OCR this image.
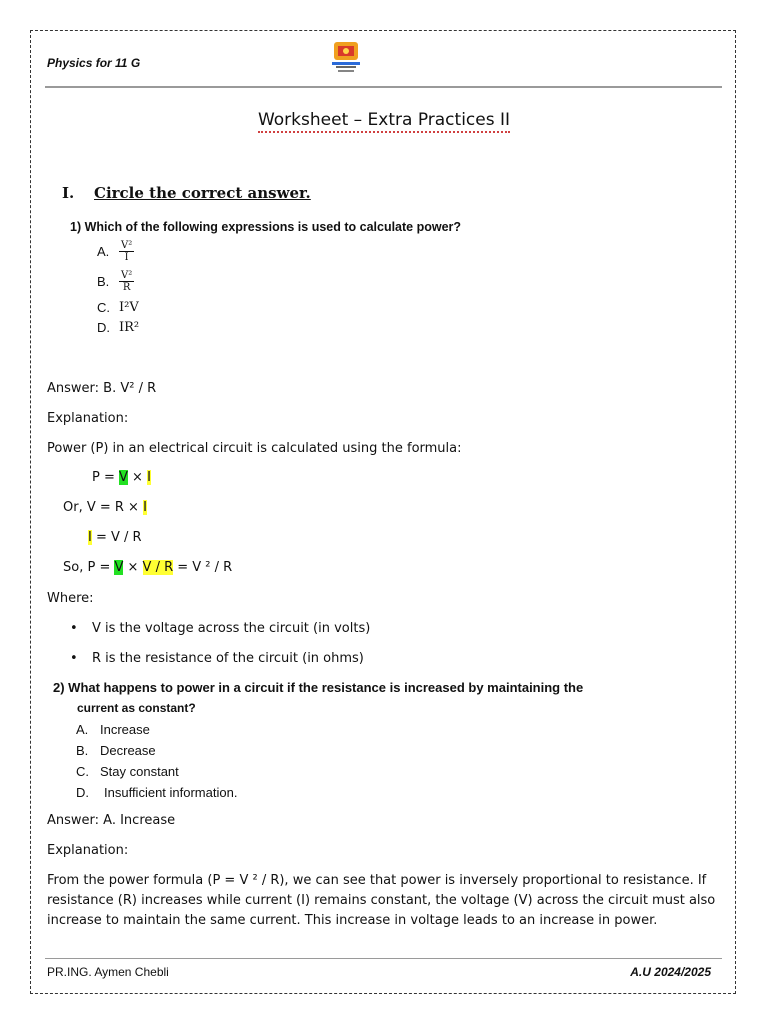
Physics for 11 G
Worksheet – Extra Practices II
I. Circle the correct answer.
1) Which of the following expressions is used to calculate power?
A. $\frac{\text{V²}}{I}$
B. $\frac{\text{V²}}{R}$
C. I²V
D. IR²
Answer: B. V² / R
Explanation:
Power (P) in an electrical circuit is calculated using the formula:
P = V × I
Or, V = R × I
I = V / R
So, P = V × V / R = V ² / R
Where:
• V is the voltage across the circuit (in volts)
• R is the resistance of the circuit (in ohms)
2) What happens to power in a circuit if the resistance is increased by maintaining the
current as constant?
A. Increase
B. Decrease
C. Stay constant
D. Insufficient information.
Answer: A. Increase
Explanation:
From the power formula (P = V ² / R), we can see that power is inversely proportional to resistance. If resistance (R) increases while current (I) remains constant, the voltage (V) across the circuit must also increase to maintain the same current. This increase in voltage leads to an increase in power.
PR.ING. Aymen Chebli	A.U 2024/2025
